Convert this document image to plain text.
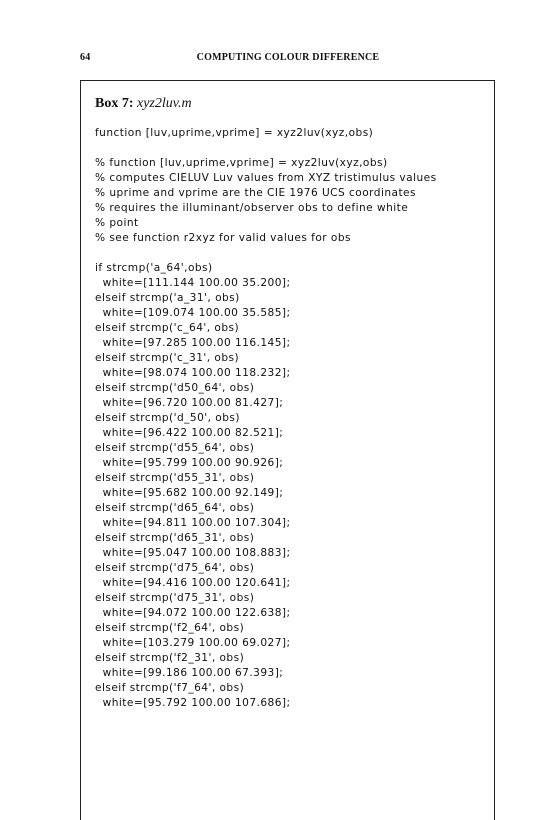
64	COMPUTING COLOUR DIFFERENCE
Box 7: xyz2luv.m
function [luv,uprime,vprime] = xyz2luv(xyz,obs)
% function [luv,uprime,vprime] = xyz2luv(xyz,obs)
% computes CIELUV Luv values from XYZ tristimulus values
% uprime and vprime are the CIE 1976 UCS coordinates
% requires the illuminant/observer obs to define white
% point
% see function r2xyz for valid values for obs
if strcmp('a_64',obs)
white=[111.144 100.00 35.200];
elseif strcmp('a_31', obs)
white=[109.074 100.00 35.585];
elseif strcmp('c_64', obs)
white=[97.285 100.00 116.145];
elseif strcmp('c_31', obs)
white=[98.074 100.00 118.232];
elseif strcmp('d50_64', obs)
white=[96.720 100.00 81.427];
elseif strcmp('d_50', obs)
white=[96.422 100.00 82.521];
elseif strcmp('d55_64', obs)
white=[95.799 100.00 90.926];
elseif strcmp('d55_31', obs)
white=[95.682 100.00 92.149];
elseif strcmp('d65_64', obs)
white=[94.811 100.00 107.304];
elseif strcmp('d65_31', obs)
white=[95.047 100.00 108.883];
elseif strcmp('d75_64', obs)
white=[94.416 100.00 120.641];
elseif strcmp('d75_31', obs)
white=[94.072 100.00 122.638];
elseif strcmp('f2_64', obs)
white=[103.279 100.00 69.027];
elseif strcmp('f2_31', obs)
white=[99.186 100.00 67.393];
elseif strcmp('f7_64', obs)
white=[95.792 100.00 107.686];
